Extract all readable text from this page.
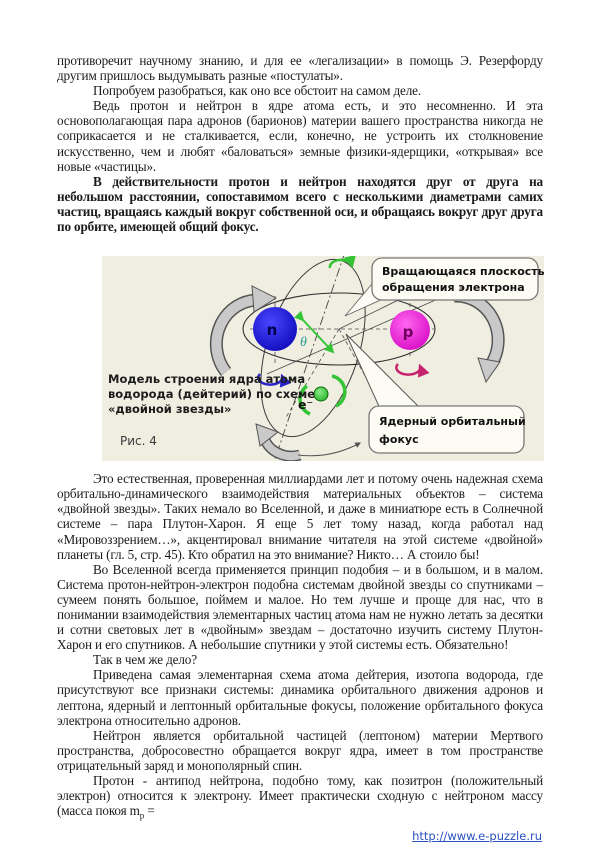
противоречит научному знанию, и для ее «легализации» в помощь Э. Резерфорду другим пришлось выдумывать разные «постулаты».

Попробуем разобраться, как оно все обстоит на самом деле.

Ведь протон и нейтрон в ядре атома есть, и это несомненно. И эта основополагающая пара адронов (барионов) материи вашего пространства никогда не соприкасается и не сталкивается, если, конечно, не устроить их столкновение искусственно, чем и любят «баловаться» земные физики-ядерщики, «открывая» все новые «частицы».

В действительности протон и нейтрон находятся друг от друга на небольшом расстоянии, сопоставимом всего с несколькими диаметрами самих частиц, вращаясь каждый вокруг собственной оси, и обращаясь вокруг друг друга по орбите, имеющей общий фокус.

n	p
θ
e⁻
Вращающаяся плоскость
обращения электрона
Ядерный орбитальный
фокус
Модель строения ядра атома
водорода (дейтерий) по схеме
«двойной звезды»
Рис. 4

Это естественная, проверенная миллиардами лет и потому очень надежная схема орбитально-динамического взаимодействия материальных объектов – система «двойной звезды». Таких немало во Вселенной, и даже в миниатюре есть в Солнечной системе – пара Плутон-Харон. Я еще 5 лет тому назад, когда работал над «Мировоззрением…», акцентировал внимание читателя на этой системе «двойной» планеты (гл. 5, стр. 45). Кто обратил на это внимание? Никто… А стоило бы!

Во Вселенной всегда применяется принцип подобия – и в большом, и в малом. Система протон-нейтрон-электрон подобна системам двойной звезды со спутниками – сумеем понять большое, поймем и малое. Но тем лучше и проще для нас, что в понимании взаимодействия элементарных частиц атома нам не нужно летать за десятки и сотни световых лет в «двойным» звездам – достаточно изучить систему Плутон-Харон и его спутников. А небольшие спутники у этой системы есть. Обязательно!

Так в чем же дело?

Приведена самая элементарная схема атома дейтерия, изотопа водорода, где присутствуют все признаки системы: динамика орбитального движения адронов и лептона, ядерный и лептонный орбитальные фокусы, положение орбитального фокуса электрона относительно адронов.

Нейтрон является орбитальной частицей (лептоном) материи Мертвого пространства, добросовестно обращается вокруг ядра, имеет в том пространстве отрицательный заряд и монополярный спин.

Протон - антипод нейтрона, подобно тому, как позитрон (положительный электрон) относится к электрону. Имеет практически сходную с нейтроном массу (масса покоя $m_p$ =

http://www.e-puzzle.ru
